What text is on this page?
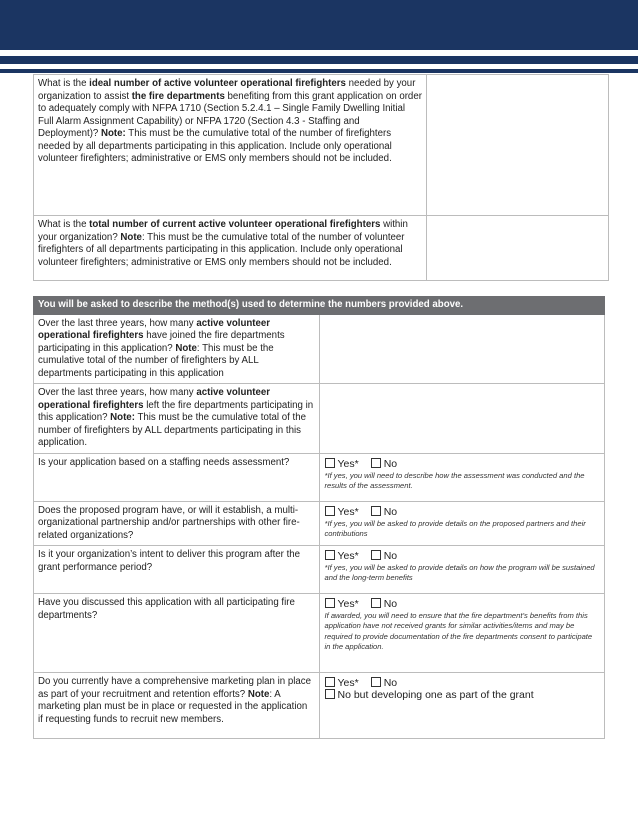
What is the ideal number of active volunteer operational firefighters needed by your organization to assist the fire departments benefiting from this grant application on order to adequately comply with NFPA 1710 (Section 5.2.4.1 – Single Family Dwelling Initial Full Alarm Assignment Capability) or NFPA 1720 (Section 4.3 - Staffing and Deployment)? Note: This must be the cumulative total of the number of firefighters needed by all departments participating in this application. Include only operational volunteer firefighters; administrative or EMS only members should not be included.	
What is the total number of current active volunteer operational firefighters within your organization? Note: This must be the cumulative total of the number of volunteer firefighters of all departments participating in this application. Include only operational volunteer firefighters; administrative or EMS only members should not be included.	
You will be asked to describe the method(s) used to determine the numbers provided above.	
Over the last three years, how many active volunteer operational firefighters have joined the fire departments participating in this application? Note: This must be the cumulative total of the number of firefighters by ALL departments participating in this application	
Over the last three years, how many active volunteer operational firefighters left the fire departments participating in this application? Note: This must be the cumulative total of the number of firefighters by ALL departments participating in this application.	
Is your application based on a staffing needs assessment?	Yes* No
*If yes, you will need to describe how the assessment was conducted and the results of the assessment.

Does the proposed program have, or will it establish, a multi-organizational partnership and/or partnerships with other fire-related organizations?	Yes* No
*If yes, you will be asked to provide details on the proposed partners and their contributions

Is it your organization’s intent to deliver this program after the grant performance period?	Yes* No
*If yes, you will be asked to provide details on how the program will be sustained and the long-term benefits

Have you discussed this application with all participating fire departments?	Yes* No
If awarded, you will need to ensure that the fire department’s benefits from this application have not received grants for similar activities/items and may be required to provide documentation of the fire departments consent to participate in the application.

Do you currently have a comprehensive marketing plan in place as part of your recruitment and retention efforts? Note: A marketing plan must be in place or requested in the application if requesting funds to recruit new members.	Yes* No
No but developing one as part of the grant
